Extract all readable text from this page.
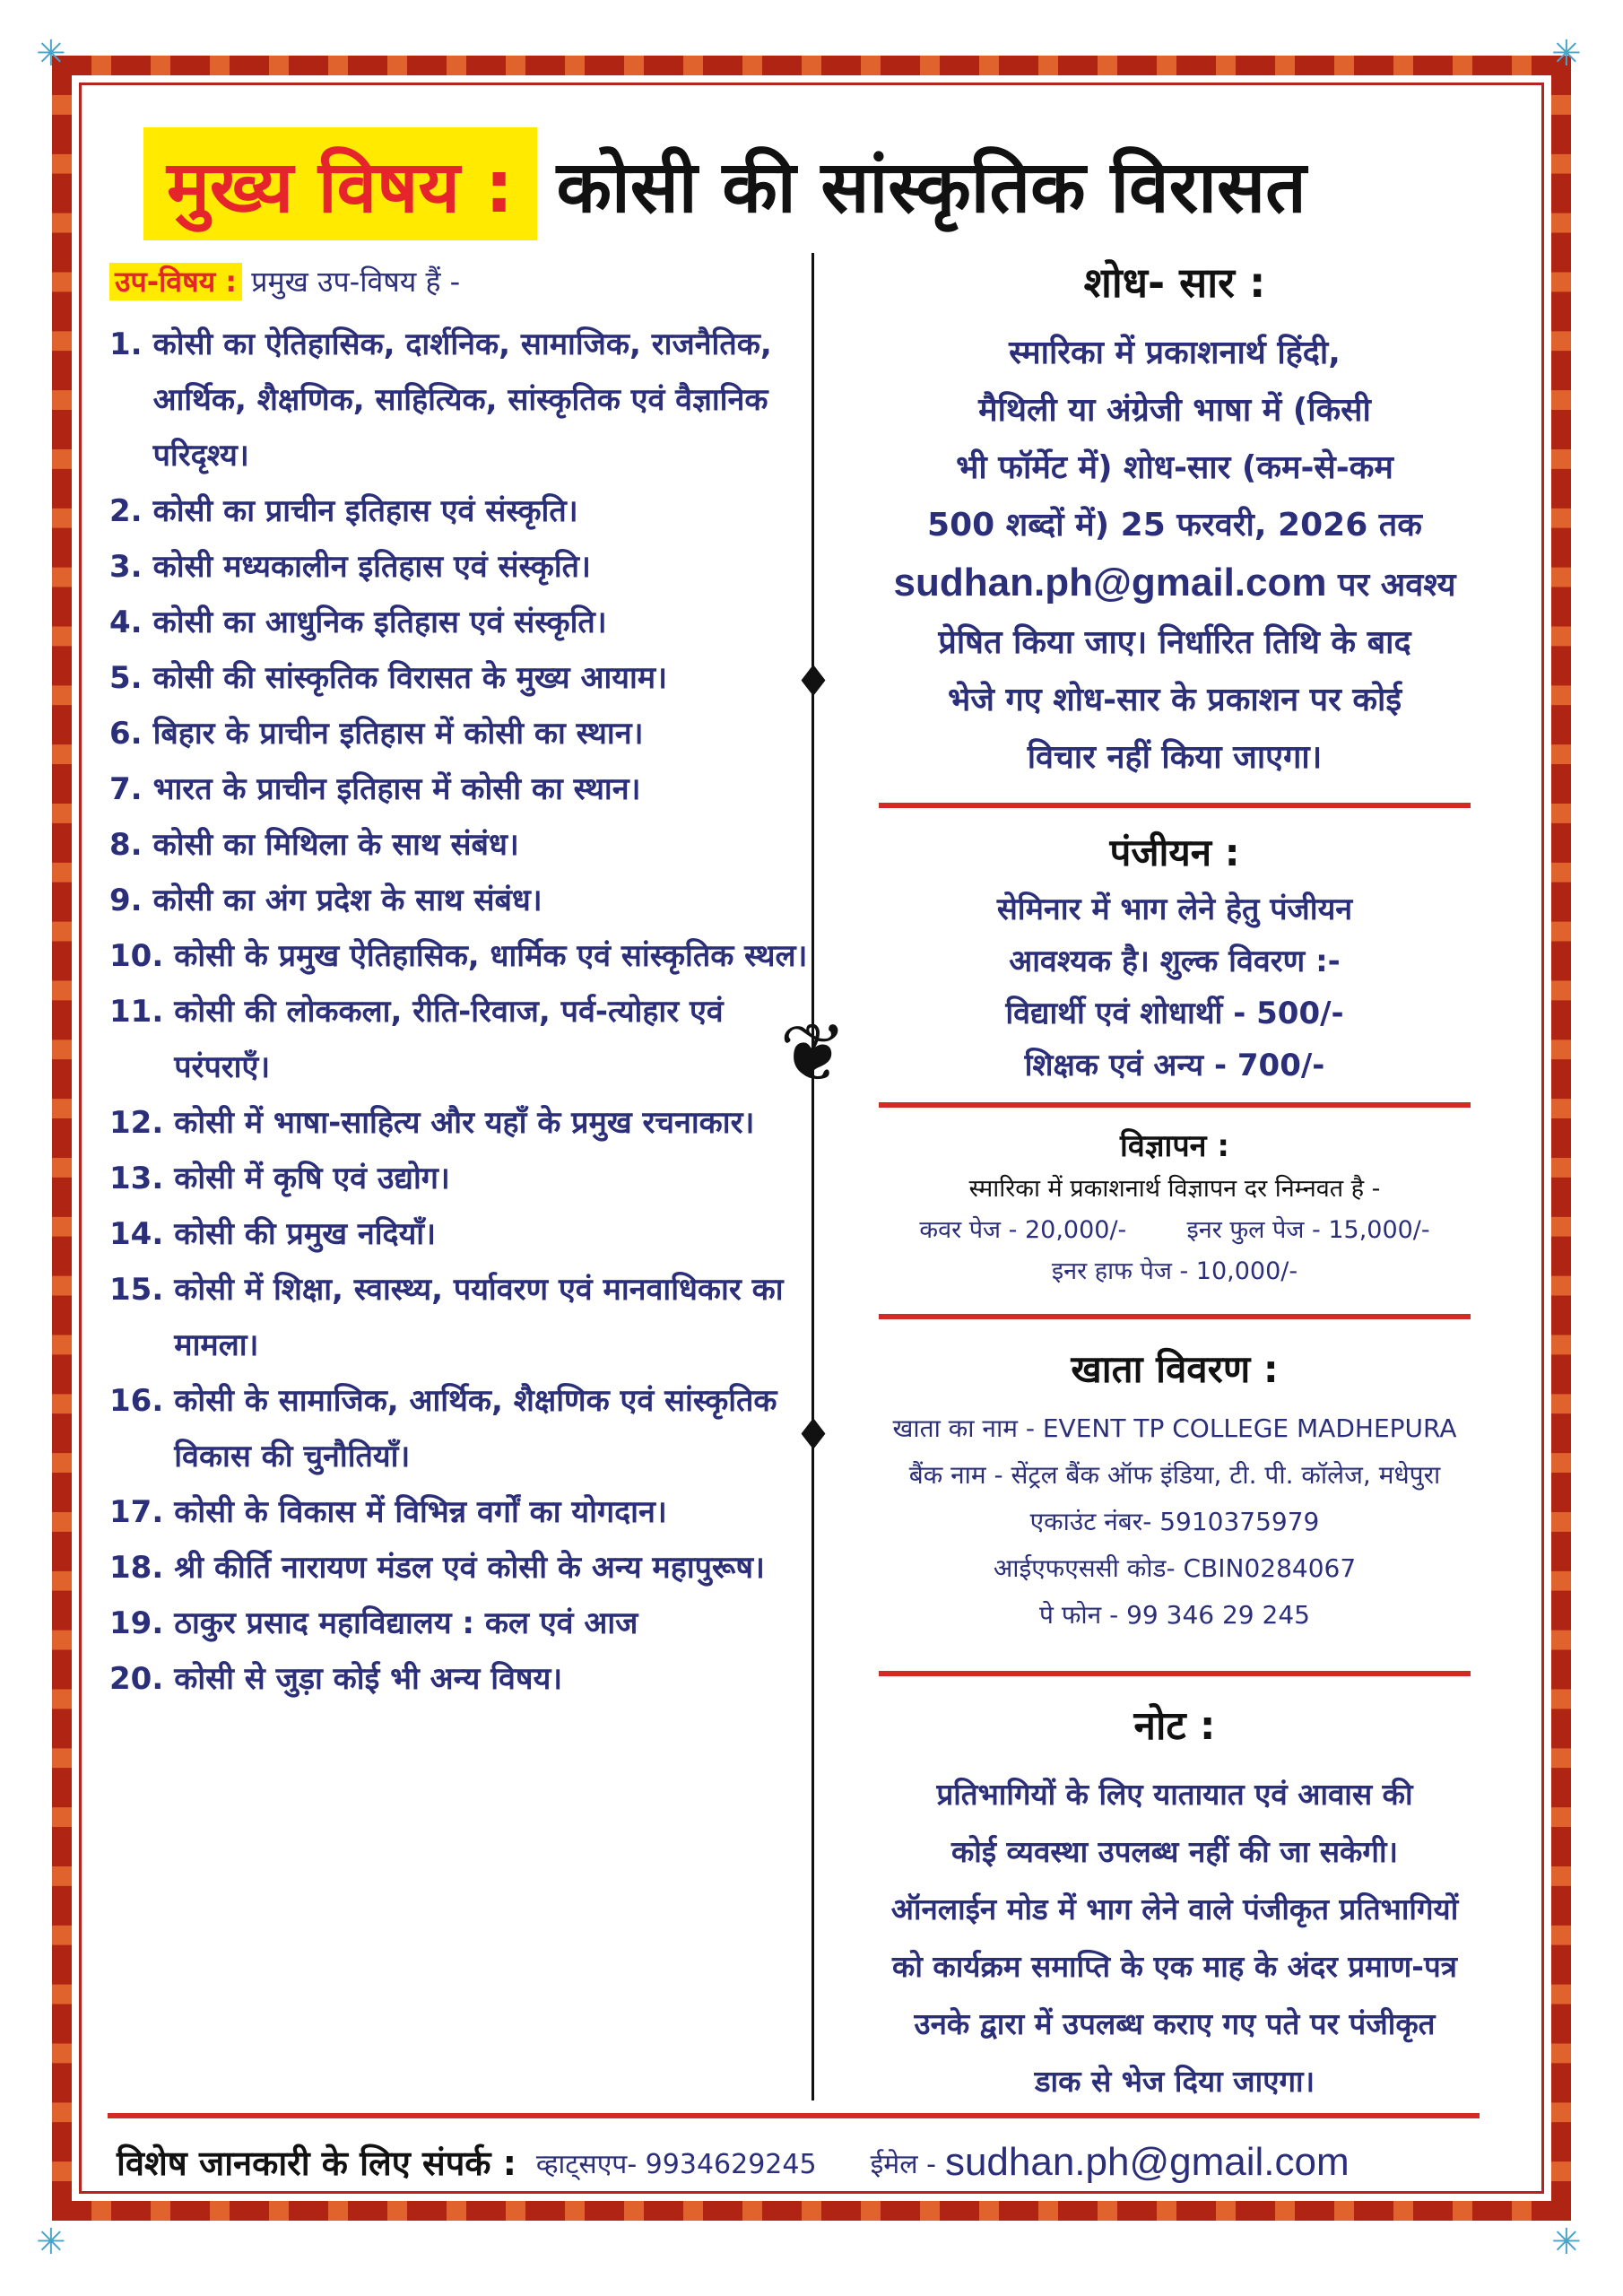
✳	✳
✳	✳
मुख्य विषय : कोसी की सांस्कृतिक विरासत
उप-विषय : प्रमुख उप-विषय हैं -
1. कोसी का ऐतिहासिक, दार्शनिक, सामाजिक, राजनैतिक, आर्थिक, शैक्षणिक, साहित्यिक, सांस्कृतिक एवं वैज्ञानिक परिदृश्य।
2. कोसी का प्राचीन इतिहास एवं संस्कृति।
3. कोसी मध्यकालीन इतिहास एवं संस्कृति।
4. कोसी का आधुनिक इतिहास एवं संस्कृति।
5. कोसी की सांस्कृतिक विरासत के मुख्य आयाम।
6. बिहार के प्राचीन इतिहास में कोसी का स्थान।
7. भारत के प्राचीन इतिहास में कोसी का स्थान।
8. कोसी का मिथिला के साथ संबंध।
9. कोसी का अंग प्रदेश के साथ संबंध।
10. कोसी के प्रमुख ऐतिहासिक, धार्मिक एवं सांस्कृतिक स्थल।
11. कोसी की लोककला, रीति-रिवाज, पर्व-त्योहार एवं परंपराएँ।
12. कोसी में भाषा-साहित्य और यहाँ के प्रमुख रचनाकार।
13. कोसी में कृषि एवं उद्योग।
14. कोसी की प्रमुख नदियाँ।
15. कोसी में शिक्षा, स्वास्थ्य, पर्यावरण एवं मानवाधिकार का मामला।
16. कोसी के सामाजिक, आर्थिक, शैक्षणिक एवं सांस्कृतिक विकास की चुनौतियाँ।
17. कोसी के विकास में विभिन्न वर्गों का योगदान।
18. श्री कीर्ति नारायण मंडल एवं कोसी के अन्य महापुरूष।
19. ठाकुर प्रसाद महाविद्यालय : कल एवं आज
20. कोसी से जुड़ा कोई भी अन्य विषय।
♦
❦
♦
शोध- सार :

स्मारिका में प्रकाशनार्थ हिंदी,

मैथिली या अंग्रेजी भाषा में (किसी

भी फॉर्मेट में) शोध-सार (कम-से-कम

500 शब्दों में) 25 फरवरी, 2026 तक

sudhan.ph@gmail.com पर अवश्य

प्रेषित किया जाए। निर्धारित तिथि के बाद

भेजे गए शोध-सार के प्रकाशन पर कोई

विचार नहीं किया जाएगा।

पंजीयन :

सेमिनार में भाग लेने हेतु पंजीयन

आवश्यक है। शुल्क विवरण :-

विद्यार्थी एवं शोधार्थी - 500/-

शिक्षक एवं अन्य - 700/-

विज्ञापन :

स्मारिका में प्रकाशनार्थ विज्ञापन दर निम्नवत है -

कवर पेज - 20,000/- इनर फुल पेज - 15,000/-

इनर हाफ पेज - 10,000/-

खाता विवरण :

खाता का नाम - EVENT TP COLLEGE MADHEPURA

बैंक नाम - सेंट्रल बैंक ऑफ इंडिया, टी. पी. कॉलेज, मधेपुरा

एकाउंट नंबर- 5910375979

आईएफएससी कोड- CBIN0284067

पे फोन - 99 346 29 245

नोट :

प्रतिभागियों के लिए यातायात एवं आवास की

कोई व्यवस्था उपलब्ध नहीं की जा सकेगी।

ऑनलाईन मोड में भाग लेने वाले पंजीकृत प्रतिभागियों

को कार्यक्रम समाप्ति के एक माह के अंदर प्रमाण-पत्र

उनके द्वारा में उपलब्ध कराए गए पते पर पंजीकृत

डाक से भेज दिया जाएगा।

विशेष जानकारी के लिए संपर्क : व्हाट्सएप- 9934629245 ईमेल - sudhan.ph@gmail.com
